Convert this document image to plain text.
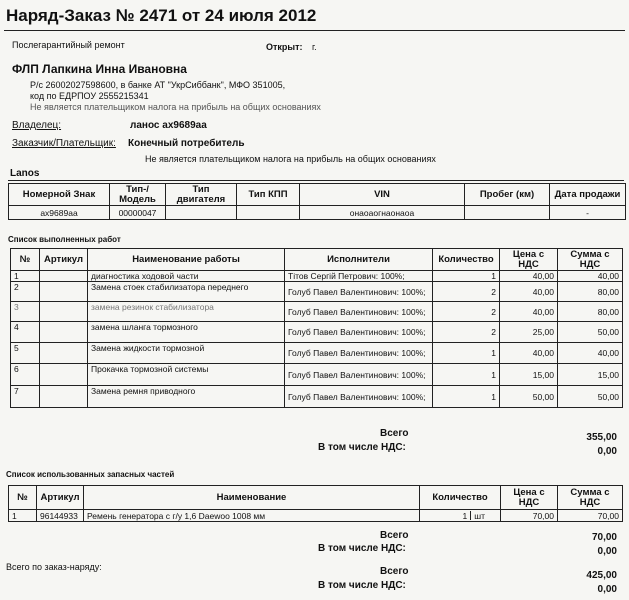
Наряд-Заказ № 2471 от 24 июля 2012
Послегарантийный ремонт	Открыт: г.
ФЛП Лапкина Инна Ивановна
Р/с 26002027598600, в банке АТ "УкрСиббанк", МФО 351005,
код по ЕДРПОУ 2555215341
Не является плательщиком налога на прибыль на общих основаниях
Владелец:	ланос ах9689аа
Заказчик/Плательщик: Конечный потребитель
Не является плательщиком налога на прибыль на общих основаниях
Lanos
Номерной Знак	Тип-/ Модель	Тип двигателя	Тип КПП	VIN	Пробег (км)	Дата продажи
ах9689аа	00000047			онаоаогнаонаоа		-
Список выполненных работ
№	Артикул	Наименование работы	Исполнители	Количество	Цена с НДС	Сумма с НДС
1		диагностика ходовой части	Тітов Сергій Петрович: 100%;	1	40,00	40,00
2		Замена стоек стабилизатора переднего	Голуб Павел Валентинович: 100%;	2	40,00	80,00
3		замена резинок стабилизатора	Голуб Павел Валентинович: 100%;	2	40,00	80,00
4		замена шланга тормозного	Голуб Павел Валентинович: 100%;	2	25,00	50,00
5		Замена жидкости тормозной	Голуб Павел Валентинович: 100%;	1	40,00	40,00
6		Прокачка тормозной системы	Голуб Павел Валентинович: 100%;	1	15,00	15,00
7		Замена ремня приводного	Голуб Павел Валентинович: 100%;	1	50,00	50,00
Всего	355,00
В том числе НДС:	0,00
Список использованных запасных частей
№	Артикул	Наименование	Количество	Цена с НДС	Сумма с НДС
1	96144933	Ремень генератора с г/у 1,6 Daewoo 1008 мм	1 шт	70,00	70,00
Всего	70,00
В том числе НДС:	0,00
Всего по заказ-наряду:	Всего	425,00
В том числе НДС:	0,00
